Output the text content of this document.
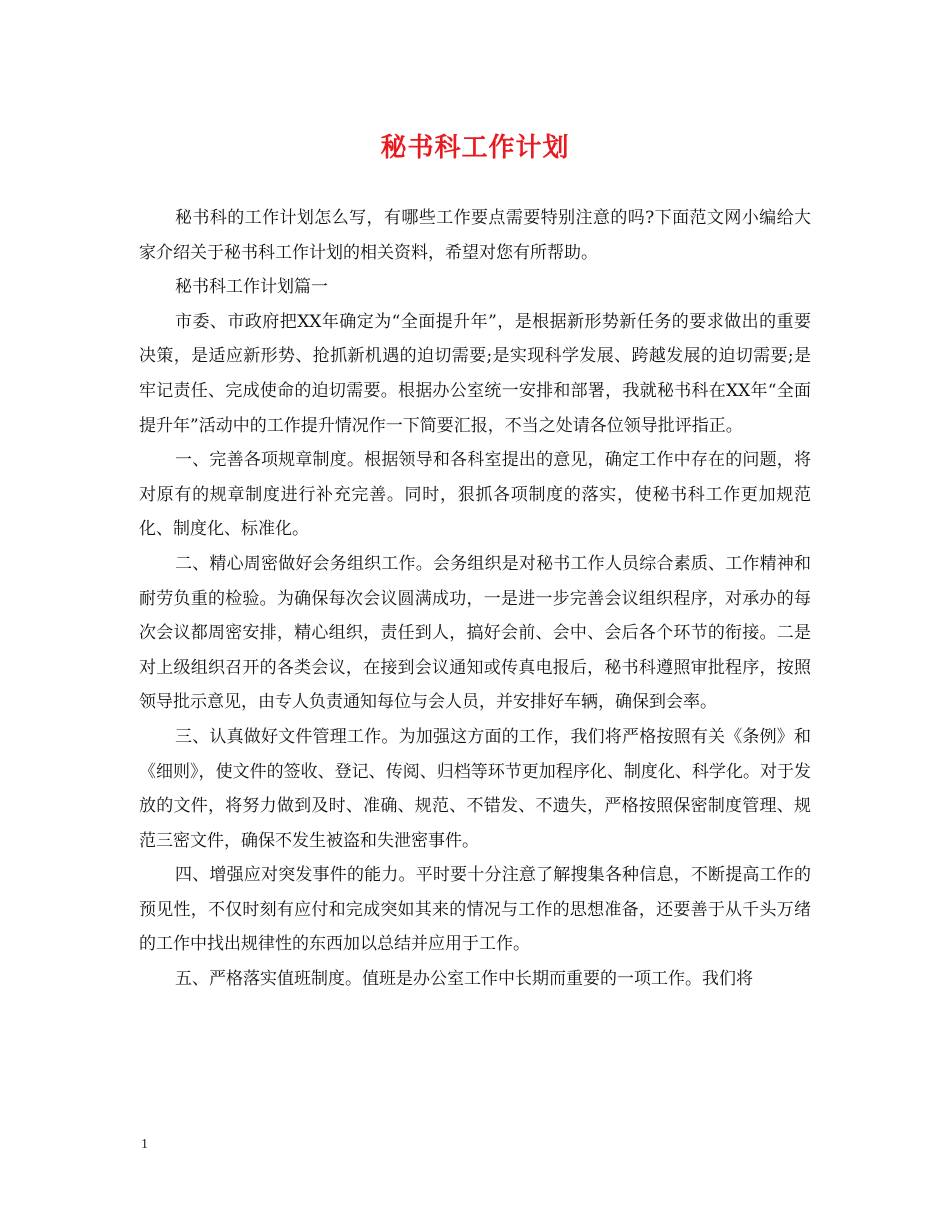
秘书科工作计划

秘书科的工作计划怎么写，有哪些工作要点需要特别注意的吗?下面范文网小编给大家介绍关于秘书科工作计划的相关资料，希望对您有所帮助。

秘书科工作计划篇一

市委、市政府把XX年确定为“全面提升年”，是根据新形势新任务的要求做出的重要决策，是适应新形势、抢抓新机遇的迫切需要;是实现科学发展、跨越发展的迫切需要;是牢记责任、完成使命的迫切需要。根据办公室统一安排和部署，我就秘书科在XX年“全面提升年”活动中的工作提升情况作一下简要汇报，不当之处请各位领导批评指正。

一、完善各项规章制度。根据领导和各科室提出的意见，确定工作中存在的问题，将对原有的规章制度进行补充完善。同时，狠抓各项制度的落实，使秘书科工作更加规范化、制度化、标准化。

二、精心周密做好会务组织工作。会务组织是对秘书工作人员综合素质、工作精神和耐劳负重的检验。为确保每次会议圆满成功，一是进一步完善会议组织程序，对承办的每次会议都周密安排，精心组织，责任到人，搞好会前、会中、会后各个环节的衔接。二是对上级组织召开的各类会议，在接到会议通知或传真电报后，秘书科遵照审批程序，按照领导批示意见，由专人负责通知每位与会人员，并安排好车辆，确保到会率。

三、认真做好文件管理工作。为加强这方面的工作，我们将严格按照有关《条例》和《细则》，使文件的签收、登记、传阅、归档等环节更加程序化、制度化、科学化。对于发放的文件，将努力做到及时、准确、规范、不错发、不遗失，严格按照保密制度管理、规范三密文件，确保不发生被盗和失泄密事件。

四、增强应对突发事件的能力。平时要十分注意了解搜集各种信息，不断提高工作的预见性，不仅时刻有应付和完成突如其来的情况与工作的思想准备，还要善于从千头万绪的工作中找出规律性的东西加以总结并应用于工作。

五、严格落实值班制度。值班是办公室工作中长期而重要的一项工作。我们将

1
